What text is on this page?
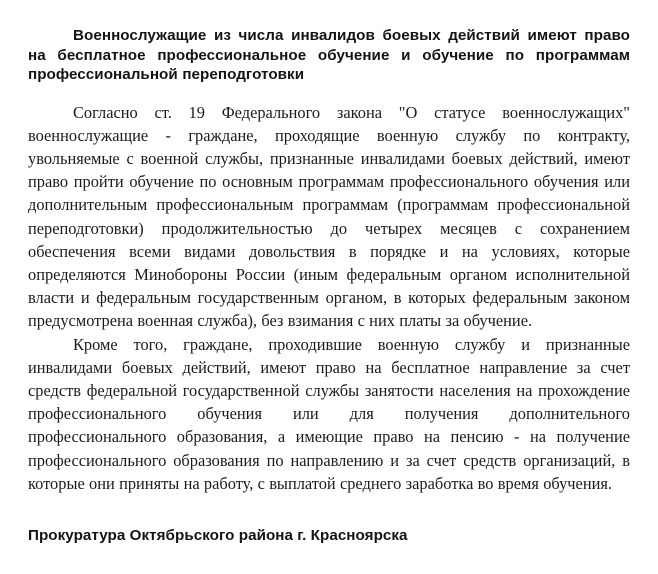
Военнослужащие из числа инвалидов боевых действий имеют право на бесплатное профессиональное обучение и обучение по программам профессиональной переподготовки

Согласно ст. 19 Федерального закона "О статусе военнослужащих" военнослужащие - граждане, проходящие военную службу по контракту, увольняемые с военной службы, признанные инвалидами боевых действий, имеют право пройти обучение по основным программам профессионального обучения или дополнительным профессиональным программам (программам профессиональной переподготовки) продолжительностью до четырех месяцев с сохранением обеспечения всеми видами довольствия в порядке и на условиях, которые определяются Минобороны России (иным федеральным органом исполнительной власти и федеральным государственным органом, в которых федеральным законом предусмотрена военная служба), без взимания с них платы за обучение.

Кроме того, граждане, проходившие военную службу и признанные инвалидами боевых действий, имеют право на бесплатное направление за счет средств федеральной государственной службы занятости населения на прохождение профессионального обучения или для получения дополнительного профессионального образования, а имеющие право на пенсию - на получение профессионального образования по направлению и за счет средств организаций, в которые они приняты на работу, с выплатой среднего заработка во время обучения.

Прокуратура Октябрьского района г. Красноярска
